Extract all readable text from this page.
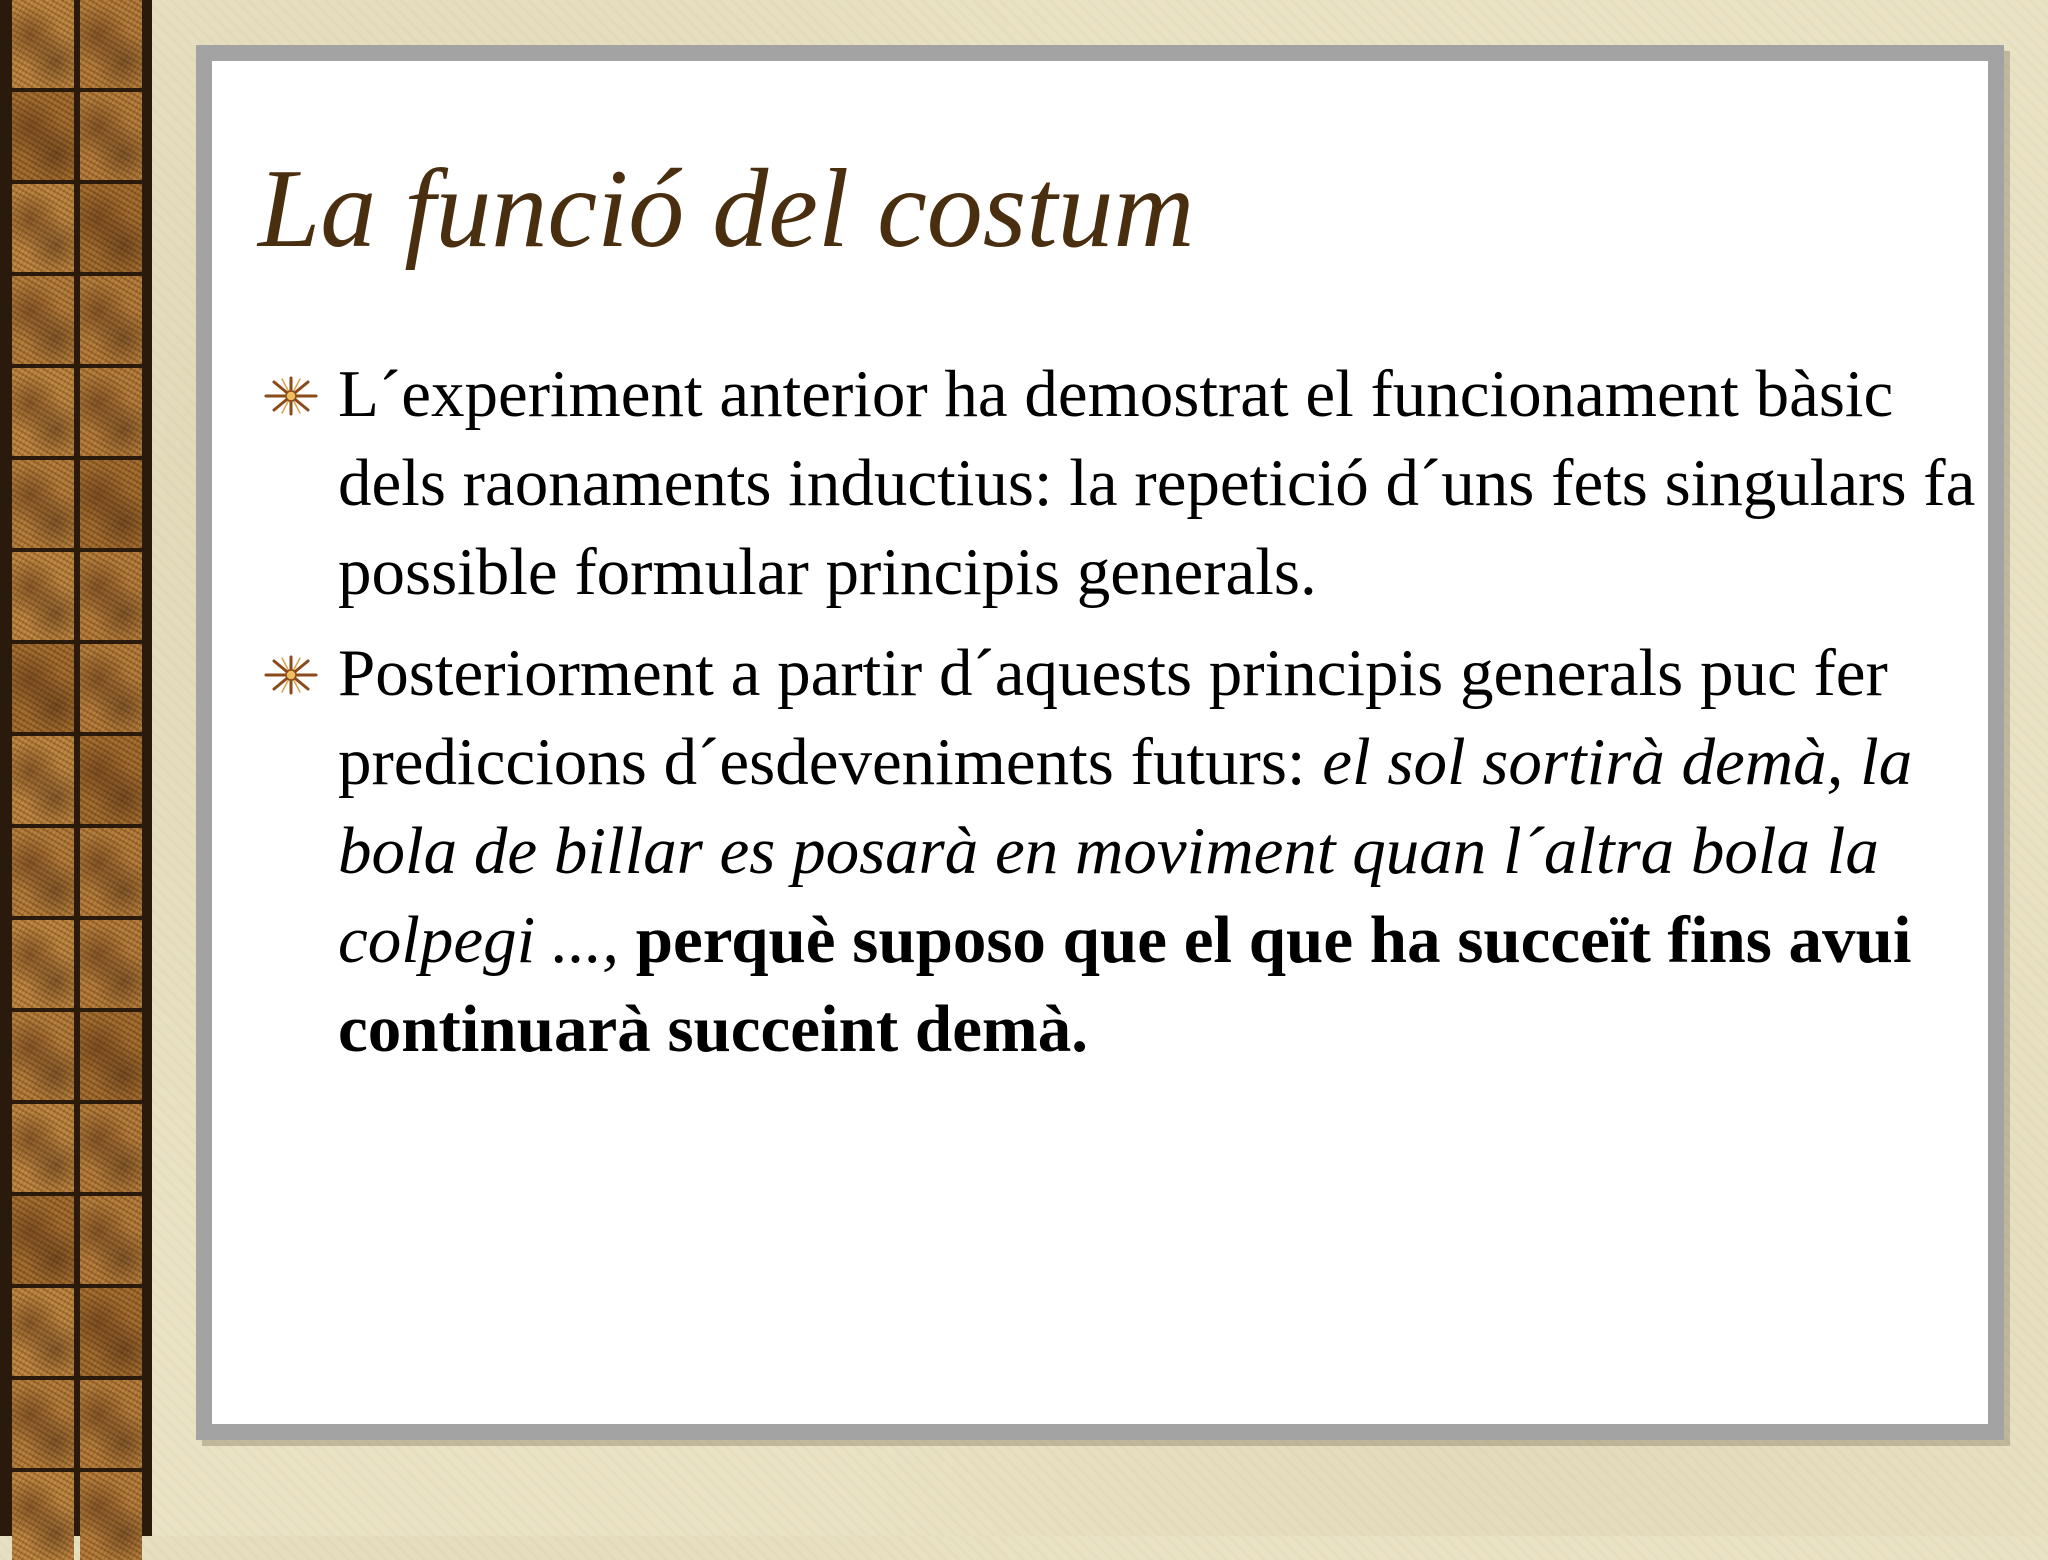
La funció del costum
L´experiment anterior ha demostrat el funcionament bàsic dels raonaments inductius: la repetició d´uns fets singulars fa possible formular principis generals.
Posteriorment a partir d´aquests principis generals puc fer prediccions d´esdeveniments futurs: el sol sortirà demà, la bola de billar es posarà en moviment quan l´altra bola la colpegi ..., perquè suposo que el que ha succeït fins avui continuarà succeint demà.
